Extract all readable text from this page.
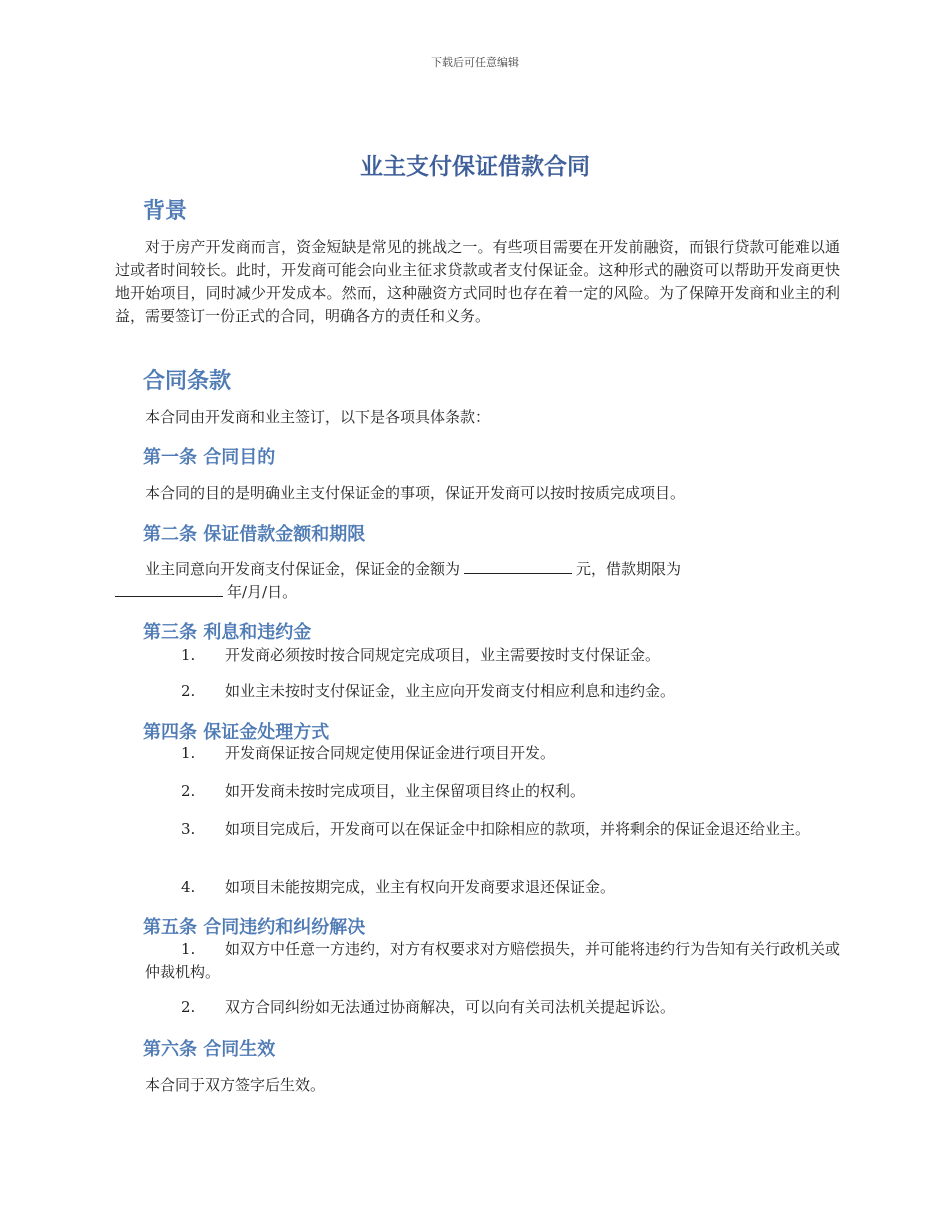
下载后可任意编辑
业主支付保证借款合同
背景

对于房产开发商而言，资金短缺是常见的挑战之一。有些项目需要在开发前融资，而银行贷款可能难以通过或者时间较长。此时，开发商可能会向业主征求贷款或者支付保证金。这种形式的融资可以帮助开发商更快地开始项目，同时减少开发成本。然而，这种融资方式同时也存在着一定的风险。为了保障开发商和业主的利益，需要签订一份正式的合同，明确各方的责任和义务。

合同条款

本合同由开发商和业主签订，以下是各项具体条款：

第一条 合同目的

本合同的目的是明确业主支付保证金的事项，保证开发商可以按时按质完成项目。

第二条 保证借款金额和期限

业主同意向开发商支付保证金，保证金的金额为	元，借款期限为
年/月/日。

第三条 利息和违约金

1. 开发商必须按时按合同规定完成项目，业主需要按时支付保证金。

2. 如业主未按时支付保证金，业主应向开发商支付相应利息和违约金。

第四条 保证金处理方式

1. 开发商保证按合同规定使用保证金进行项目开发。

2. 如开发商未按时完成项目，业主保留项目终止的权利。

3. 如项目完成后，开发商可以在保证金中扣除相应的款项，并将剩余的保证金退还给业主。

4. 如项目未能按期完成，业主有权向开发商要求退还保证金。

第五条 合同违约和纠纷解决

1. 如双方中任意一方违约，对方有权要求对方赔偿损失，并可能将违约行为告知有关行政机关或仲裁机构。

2. 双方合同纠纷如无法通过协商解决，可以向有关司法机关提起诉讼。

第六条 合同生效

本合同于双方签字后生效。
